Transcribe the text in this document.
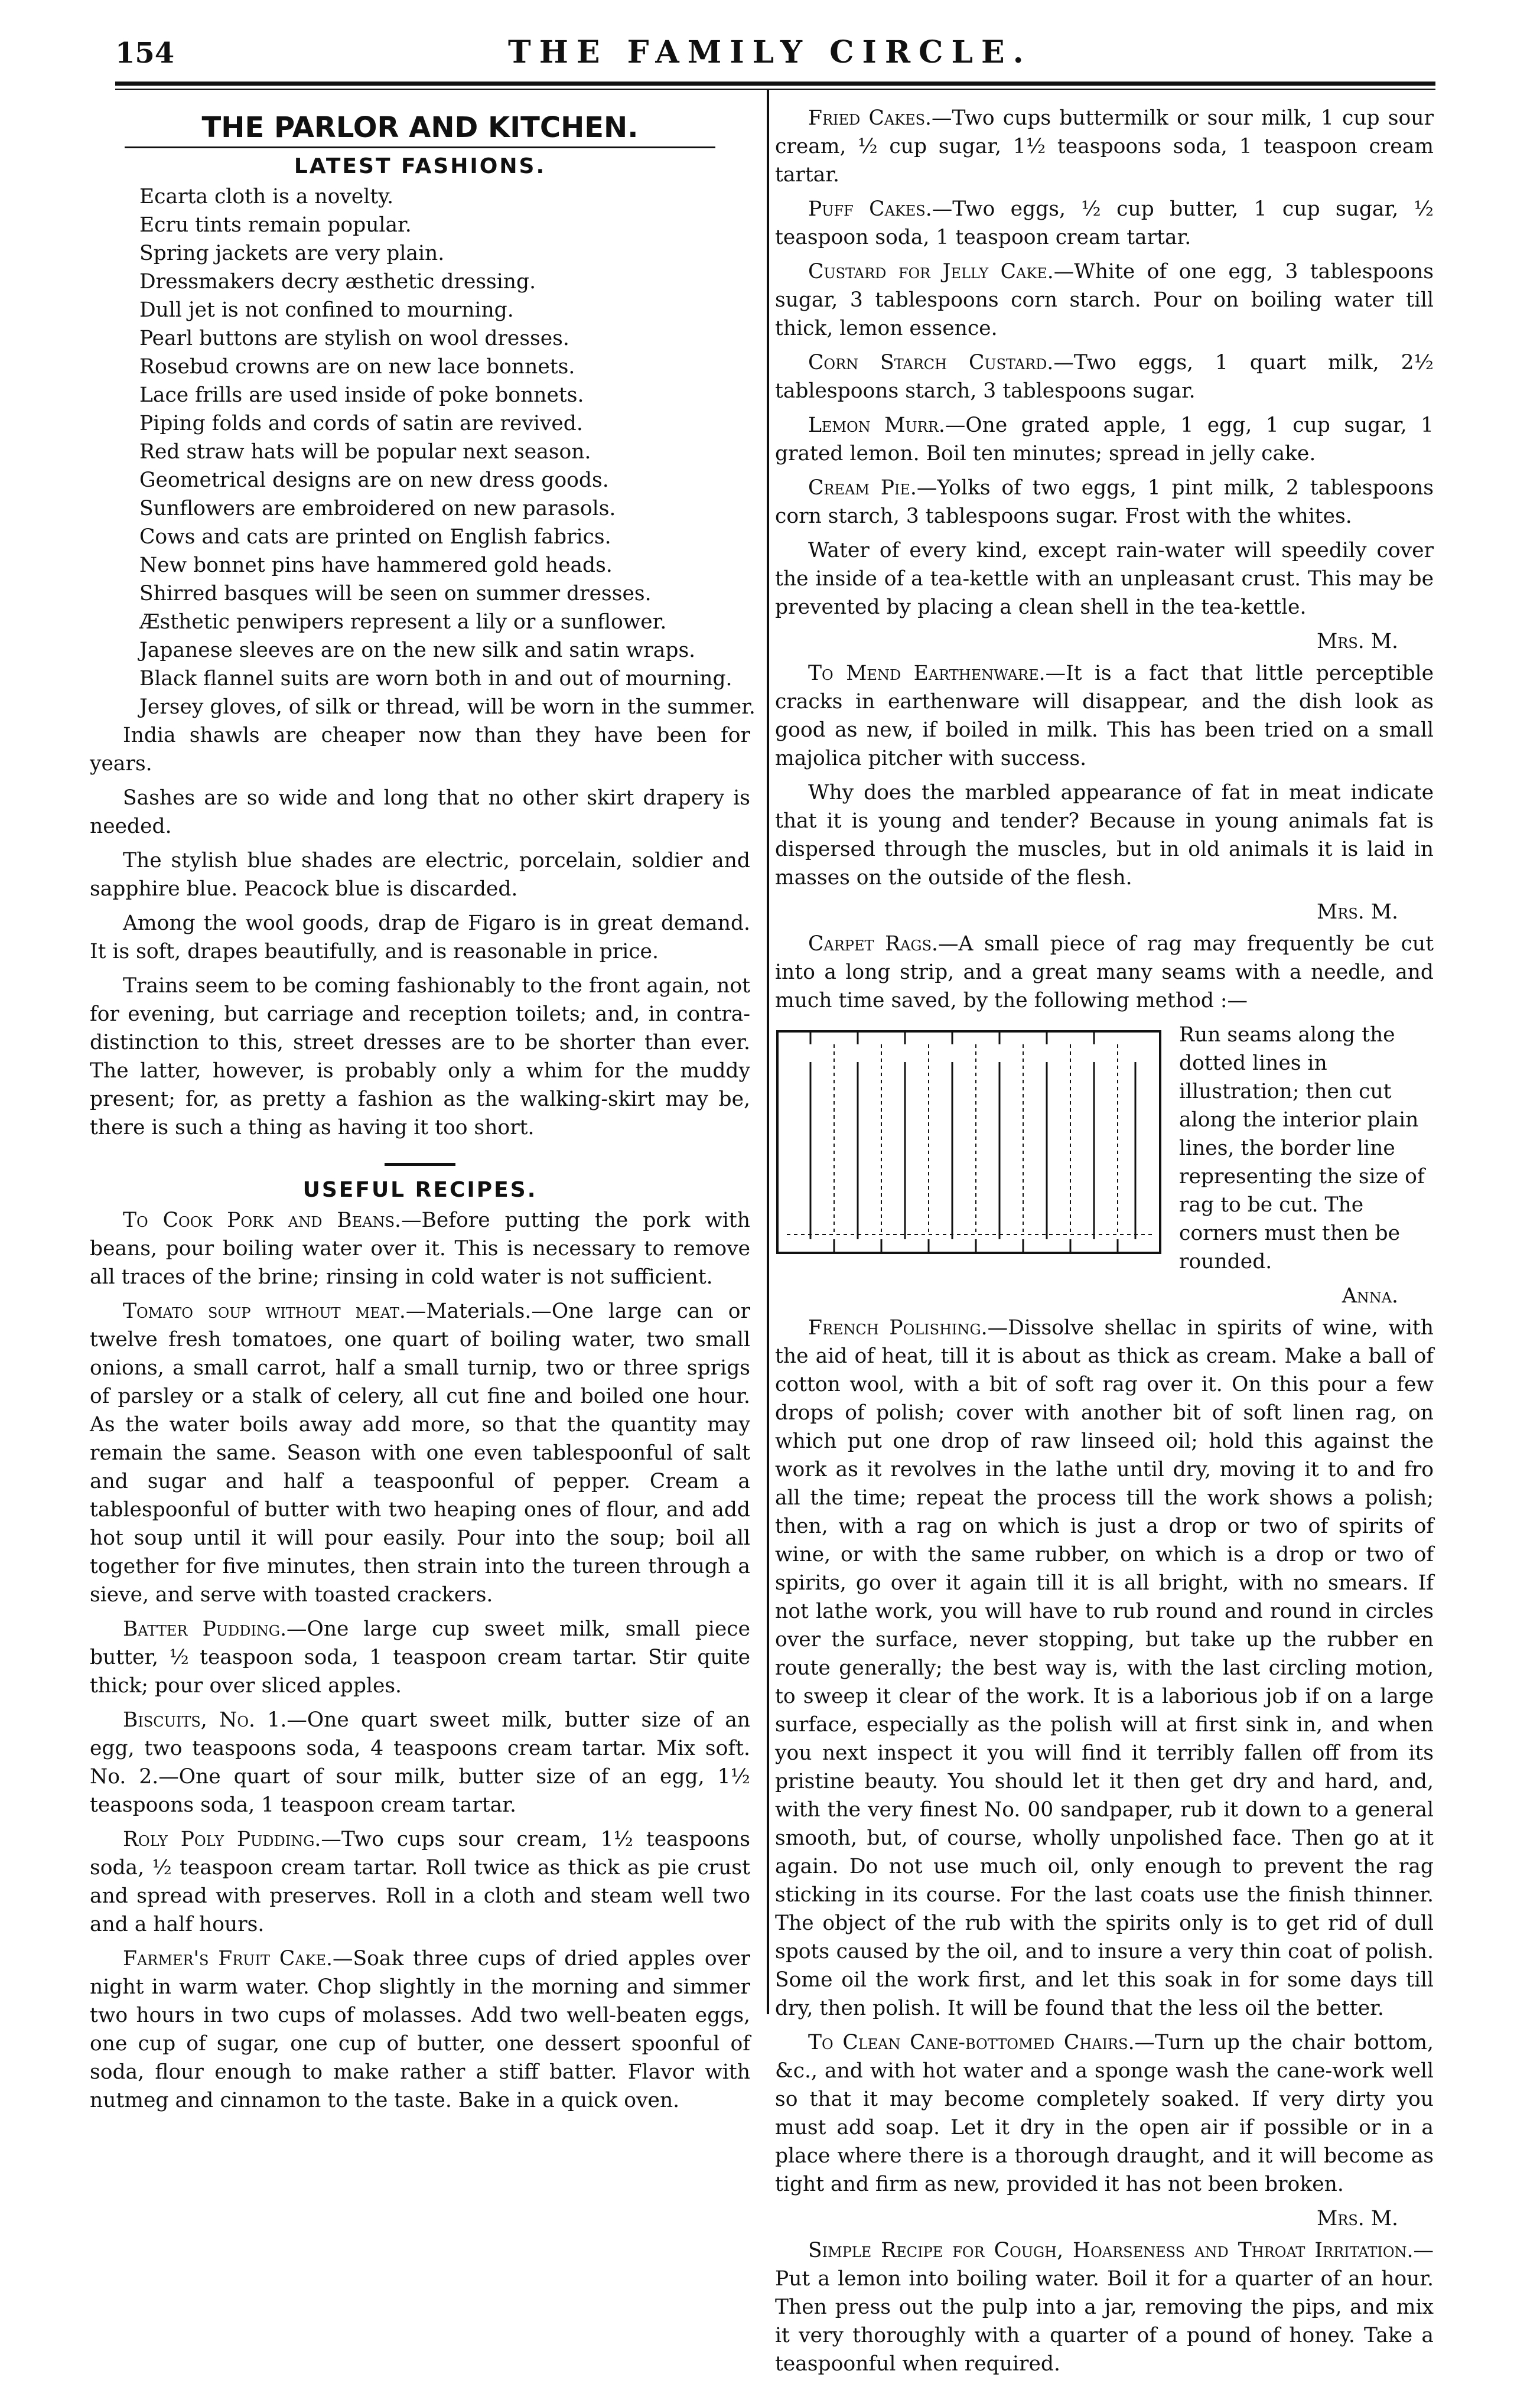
154	THE FAMILY CIRCLE.
THE PARLOR AND KITCHEN.
LATEST FASHIONS.
Ecarta cloth is a novelty.
Ecru tints remain popular.
Spring jackets are very plain.
Dressmakers decry æsthetic dressing.
Dull jet is not confined to mourning.
Pearl buttons are stylish on wool dresses.
Rosebud crowns are on new lace bonnets.
Lace frills are used inside of poke bonnets.
Piping folds and cords of satin are revived.
Red straw hats will be popular next season.
Geometrical designs are on new dress goods.
Sunflowers are embroidered on new parasols.
Cows and cats are printed on English fabrics.
New bonnet pins have hammered gold heads.
Shirred basques will be seen on summer dresses.
Æsthetic penwipers represent a lily or a sunflower.
Japanese sleeves are on the new silk and satin wraps.
Black flannel suits are worn both in and out of mourning.
Jersey gloves, of silk or thread, will be worn in the summer.

India shawls are cheaper now than they have been for years.

Sashes are so wide and long that no other skirt drapery is needed.

The stylish blue shades are electric, porcelain, soldier and sapphire blue. Peacock blue is discarded.

Among the wool goods, drap de Figaro is in great demand. It is soft, drapes beautifully, and is reasonable in price.

Trains seem to be coming fashionably to the front again, not for evening, but carriage and reception toilets; and, in contra-distinction to this, street dresses are to be shorter than ever. The latter, however, is probably only a whim for the muddy present; for, as pretty a fashion as the walking-skirt may be, there is such a thing as having it too short.

USEFUL RECIPES.

To Cook Pork and Beans.—Before putting the pork with beans, pour boiling water over it. This is necessary to remove all traces of the brine; rinsing in cold water is not sufficient.

Tomato soup without meat.—Materials.—One large can or twelve fresh tomatoes, one quart of boiling water, two small onions, a small carrot, half a small turnip, two or three sprigs of parsley or a stalk of celery, all cut fine and boiled one hour. As the water boils away add more, so that the quantity may remain the same. Season with one even tablespoonful of salt and sugar and half a teaspoonful of pepper. Cream a tablespoonful of butter with two heaping ones of flour, and add hot soup until it will pour easily. Pour into the soup; boil all together for five minutes, then strain into the tureen through a sieve, and serve with toasted crackers.

Batter Pudding.—One large cup sweet milk, small piece butter, ½ teaspoon soda, 1 teaspoon cream tartar. Stir quite thick; pour over sliced apples.

Biscuits, No. 1.—One quart sweet milk, butter size of an egg, two teaspoons soda, 4 teaspoons cream tartar. Mix soft. No. 2.—One quart of sour milk, butter size of an egg, 1½ teaspoons soda, 1 teaspoon cream tartar.

Roly Poly Pudding.—Two cups sour cream, 1½ teaspoons soda, ½ teaspoon cream tartar. Roll twice as thick as pie crust and spread with preserves. Roll in a cloth and steam well two and a half hours.

Farmer's Fruit Cake.—Soak three cups of dried apples over night in warm water. Chop slightly in the morning and simmer two hours in two cups of molasses. Add two well-beaten eggs, one cup of sugar, one cup of butter, one dessert spoonful of soda, flour enough to make rather a stiff batter. Flavor with nutmeg and cinnamon to the taste. Bake in a quick oven.

Fried Cakes.—Two cups buttermilk or sour milk, 1 cup sour cream, ½ cup sugar, 1½ teaspoons soda, 1 teaspoon cream tartar.

Puff Cakes.—Two eggs, ½ cup butter, 1 cup sugar, ½ teaspoon soda, 1 teaspoon cream tartar.

Custard for Jelly Cake.—White of one egg, 3 tablespoons sugar, 3 tablespoons corn starch. Pour on boiling water till thick, lemon essence.

Corn Starch Custard.—Two eggs, 1 quart milk, 2½ tablespoons starch, 3 tablespoons sugar.

Lemon Murr.—One grated apple, 1 egg, 1 cup sugar, 1 grated lemon. Boil ten minutes; spread in jelly cake.

Cream Pie.—Yolks of two eggs, 1 pint milk, 2 tablespoons corn starch, 3 tablespoons sugar. Frost with the whites.

Water of every kind, except rain-water will speedily cover the inside of a tea-kettle with an unpleasant crust. This may be prevented by placing a clean shell in the tea-kettle.

Mrs. M.

To Mend Earthenware.—It is a fact that little perceptible cracks in earthenware will disappear, and the dish look as good as new, if boiled in milk. This has been tried on a small majolica pitcher with success.

Why does the marbled appearance of fat in meat indicate that it is young and tender? Because in young animals fat is dispersed through the muscles, but in old animals it is laid in masses on the outside of the flesh.

Mrs. M.

Carpet Rags.—A small piece of rag may frequently be cut into a long strip, and a great many seams with a needle, and much time saved, by the following method :—

Run seams along the dotted lines in illustration; then cut along the interior plain lines, the border line representing the size of rag to be cut. The corners must then be rounded.
Anna.

French Polishing.—Dissolve shellac in spirits of wine, with the aid of heat, till it is about as thick as cream. Make a ball of cotton wool, with a bit of soft rag over it. On this pour a few drops of polish; cover with another bit of soft linen rag, on which put one drop of raw linseed oil; hold this against the work as it revolves in the lathe until dry, moving it to and fro all the time; repeat the process till the work shows a polish; then, with a rag on which is just a drop or two of spirits of wine, or with the same rubber, on which is a drop or two of spirits, go over it again till it is all bright, with no smears. If not lathe work, you will have to rub round and round in circles over the surface, never stopping, but take up the rubber en route generally; the best way is, with the last circling motion, to sweep it clear of the work. It is a laborious job if on a large surface, especially as the polish will at first sink in, and when you next inspect it you will find it terribly fallen off from its pristine beauty. You should let it then get dry and hard, and, with the very finest No. 00 sandpaper, rub it down to a general smooth, but, of course, wholly unpolished face. Then go at it again. Do not use much oil, only enough to prevent the rag sticking in its course. For the last coats use the finish thinner. The object of the rub with the spirits only is to get rid of dull spots caused by the oil, and to insure a very thin coat of polish. Some oil the work first, and let this soak in for some days till dry, then polish. It will be found that the less oil the better.

To Clean Cane-bottomed Chairs.—Turn up the chair bottom, &c., and with hot water and a sponge wash the cane-work well so that it may become completely soaked. If very dirty you must add soap. Let it dry in the open air if possible or in a place where there is a thorough draught, and it will become as tight and firm as new, provided it has not been broken.

Mrs. M.

Simple Recipe for Cough, Hoarseness and Throat Irritation.—Put a lemon into boiling water. Boil it for a quarter of an hour. Then press out the pulp into a jar, removing the pips, and mix it very thoroughly with a quarter of a pound of honey. Take a teaspoonful when required.
